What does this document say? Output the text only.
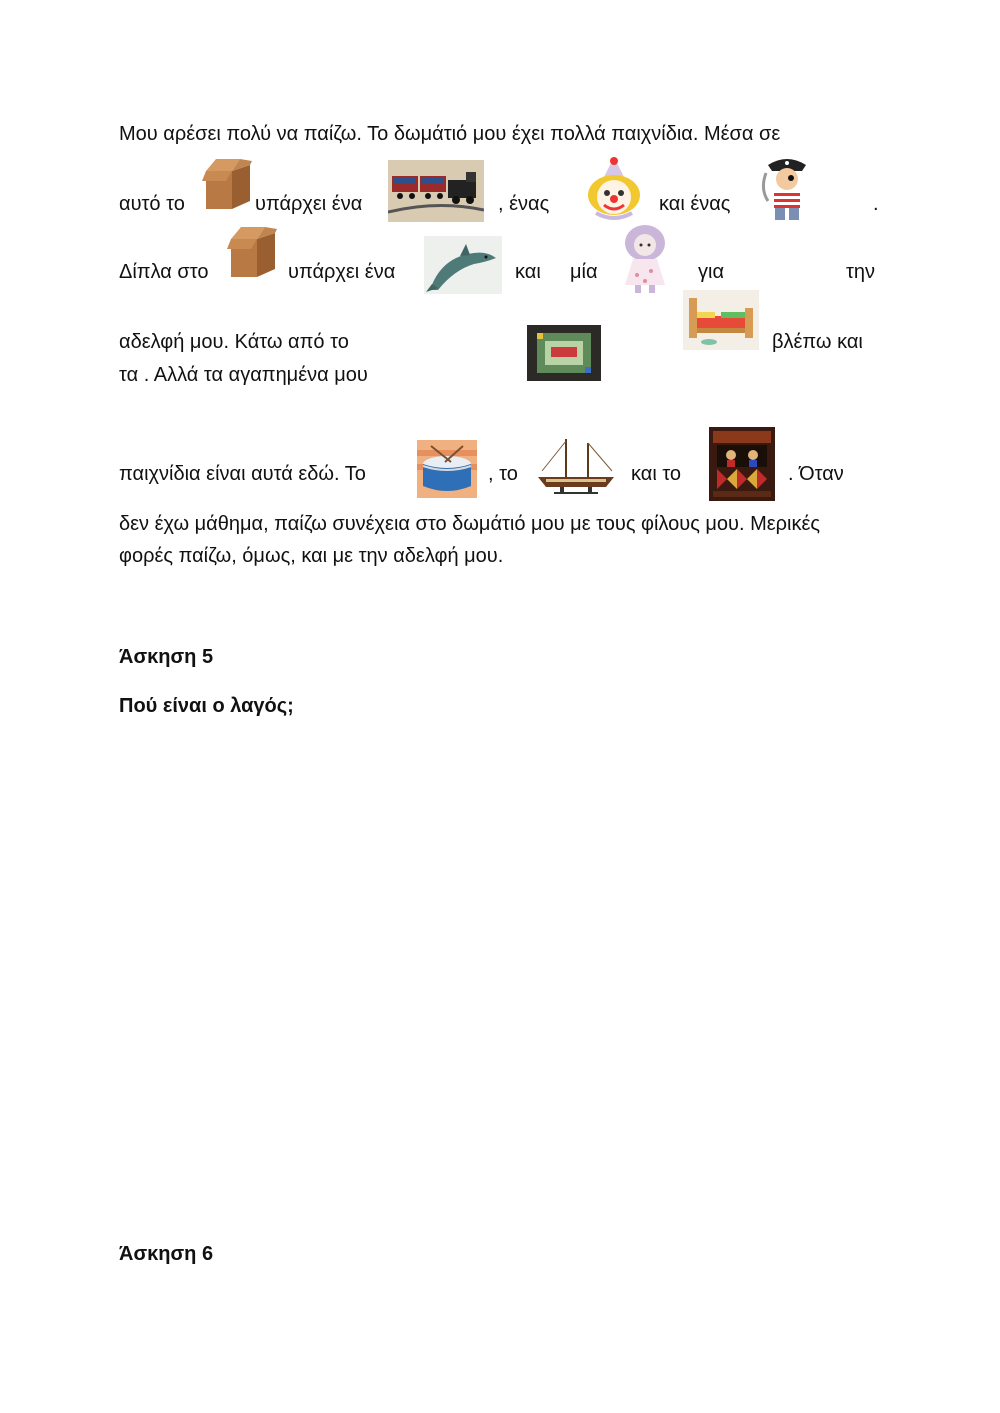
Μου αρέσει πολύ να παίζω. Το δωμάτιό μου έχει πολλά παιχνίδια. Μέσα σε
αυτό το	υπάρχει ένα	, ένας	και ένας	.
Δίπλα στο	υπάρχει ένα	και μία	για	την
αδελφή μου. Κάτω από το	βλέπω και
τα . Αλλά τα αγαπημένα μου
παιχνίδια είναι αυτά εδώ. Το	, το	και το	. Όταν
δεν έχω μάθημα, παίζω συνέχεια στο δωμάτιό μου με τους φίλους μου. Μερικές
φορές παίζω, όμως, και με την αδελφή μου.
Άσκηση 5
Πού είναι ο λαγός;
Άσκηση 6
